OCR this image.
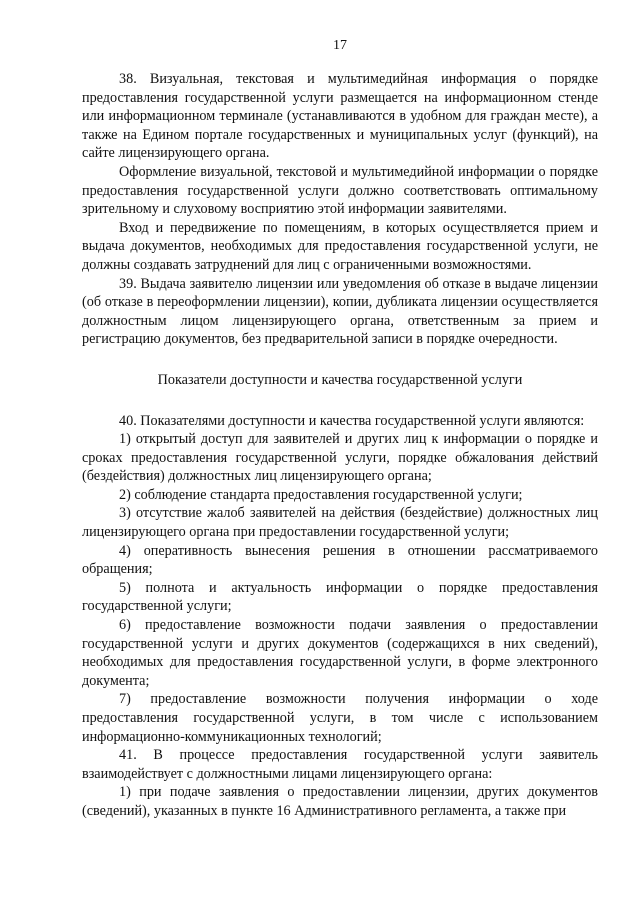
17

38. Визуальная, текстовая и мультимедийная информация о порядке предоставления государственной услуги размещается на информационном стенде или информационном терминале (устанавливаются в удобном для граждан месте), а также на Едином портале государственных и муниципальных услуг (функций), на сайте лицензирующего органа.

Оформление визуальной, текстовой и мультимедийной информации о порядке предоставления государственной услуги должно соответствовать оптимальному зрительному и слуховому восприятию этой информации заявителями.

Вход и передвижение по помещениям, в которых осуществляется прием и выдача документов, необходимых для предоставления государственной услуги, не должны создавать затруднений для лиц с ограниченными возможностями.

39. Выдача заявителю лицензии или уведомления об отказе в выдаче лицензии (об отказе в переоформлении лицензии), копии, дубликата лицензии осуществляется должностным лицом лицензирующего органа, ответственным за прием и регистрацию документов, без предварительной записи в порядке очередности.

Показатели доступности и качества государственной услуги

40. Показателями доступности и качества государственной услуги являются:

1) открытый доступ для заявителей и других лиц к информации о порядке и сроках предоставления государственной услуги, порядке обжалования действий (бездействия) должностных лиц лицензирующего органа;

2) соблюдение стандарта предоставления государственной услуги;

3) отсутствие жалоб заявителей на действия (бездействие) должностных лиц лицензирующего органа при предоставлении государственной услуги;

4) оперативность вынесения решения в отношении рассматриваемого обращения;

5) полнота и актуальность информации о порядке предоставления государственной услуги;

6) предоставление возможности подачи заявления о предоставлении государственной услуги и других документов (содержащихся в них сведений), необходимых для предоставления государственной услуги, в форме электронного документа;

7) предоставление возможности получения информации о ходе предоставления государственной услуги, в том числе с использованием информационно-коммуникационных технологий;

41. В процессе предоставления государственной услуги заявитель взаимодействует с должностными лицами лицензирующего органа:

1) при подаче заявления о предоставлении лицензии, других документов (сведений), указанных в пункте 16 Административного регламента, а также при
